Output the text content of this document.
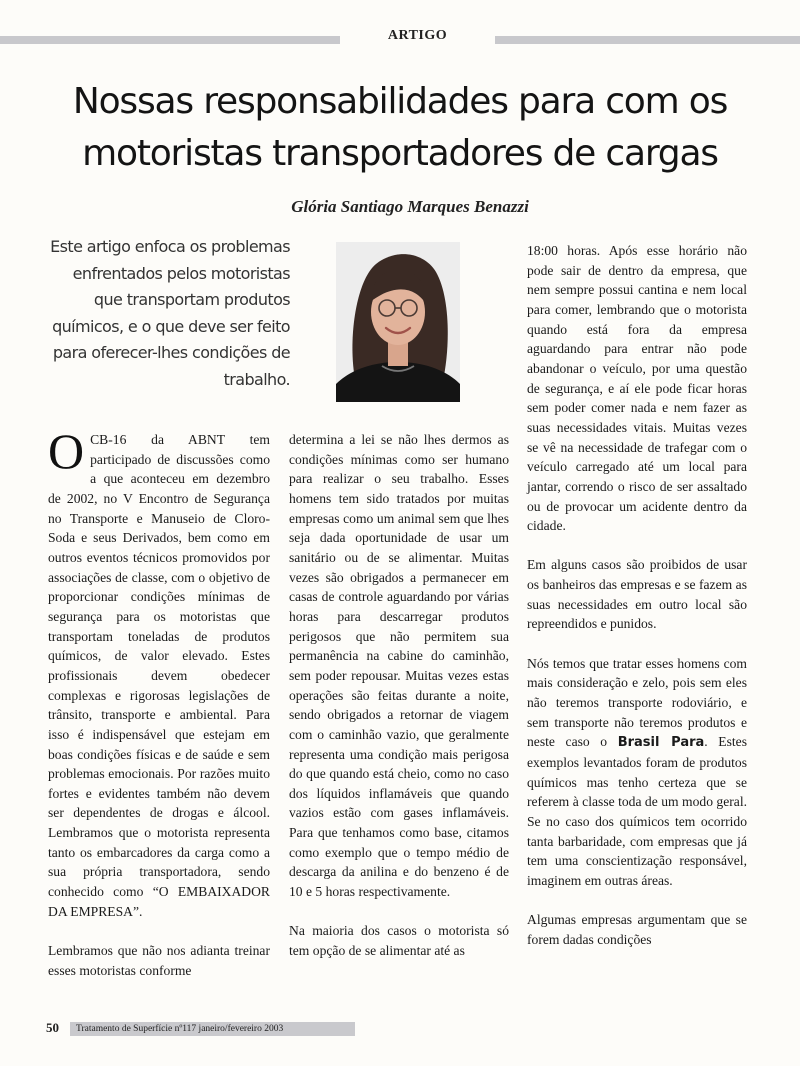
ARTIGO
Nossas responsabilidades para com os motoristas transportadores de cargas
Glória Santiago Marques Benazzi

Este artigo enfoca os problemas enfrentados pelos motoristas que transportam produtos químicos, e o que deve ser feito para oferecer-lhes condições de trabalho.

OCB-16 da ABNT tem participado de discussões como a que aconteceu em dezembro de 2002, no V Encontro de Segurança no Transporte e Manuseio de Cloro-Soda e seus Derivados, bem como em outros eventos técnicos promovidos por associações de classe, com o objetivo de proporcionar condições mínimas de segurança para os motoristas que transportam toneladas de produtos químicos, de valor elevado. Estes profissionais devem obedecer complexas e rigorosas legislações de trânsito, transporte e ambiental. Para isso é indispensável que estejam em boas condições físicas e de saúde e sem problemas emocionais. Por razões muito fortes e evidentes também não devem ser dependentes de drogas e álcool. Lembramos que o motorista representa tanto os embarcadores da carga como a sua própria transportadora, sendo conhecido como “O EMBAIXADOR DA EMPRESA”.

Lembramos que não nos adianta treinar esses motoristas conforme

determina a lei se não lhes dermos as condições mínimas como ser humano para realizar o seu trabalho. Esses homens tem sido tratados por muitas empresas como um animal sem que lhes seja dada oportunidade de usar um sanitário ou de se alimentar. Muitas vezes são obrigados a permanecer em casas de controle aguardando por várias horas para descarregar produtos perigosos que não permitem sua permanência na cabine do caminhão, sem poder repousar. Muitas vezes estas operações são feitas durante a noite, sendo obrigados a retornar de viagem com o caminhão vazio, que geralmente representa uma condição mais perigosa do que quando está cheio, como no caso dos líquidos inflamáveis que quando vazios estão com gases inflamáveis. Para que tenhamos como base, citamos como exemplo que o tempo médio de descarga da anilina e do benzeno é de 10 e 5 horas respectivamente.

Na maioria dos casos o motorista só tem opção de se alimentar até as

18:00 horas. Após esse horário não pode sair de dentro da empresa, que nem sempre possui cantina e nem local para comer, lembrando que o motorista quando está fora da empresa aguardando para entrar não pode abandonar o veículo, por uma questão de segurança, e aí ele pode ficar horas sem poder comer nada e nem fazer as suas necessidades vitais. Muitas vezes se vê na necessidade de trafegar com o veículo carregado até um local para jantar, correndo o risco de ser assaltado ou de provocar um acidente dentro da cidade.

Em alguns casos são proibidos de usar os banheiros das empresas e se fazem as suas necessidades em outro local são repreendidos e punidos.

Nós temos que tratar esses homens com mais consideração e zelo, pois sem eles não teremos transporte rodoviário, e sem transporte não teremos produtos e neste caso o Brasil Para. Estes exemplos levantados foram de produtos químicos mas tenho certeza que se referem à classe toda de um modo geral. Se no caso dos químicos tem ocorrido tanta barbaridade, com empresas que já tem uma conscientização responsável, imaginem em outras áreas.

Algumas empresas argumentam que se forem dadas condições

50	Tratamento de Superfície nº117 janeiro/fevereiro 2003
